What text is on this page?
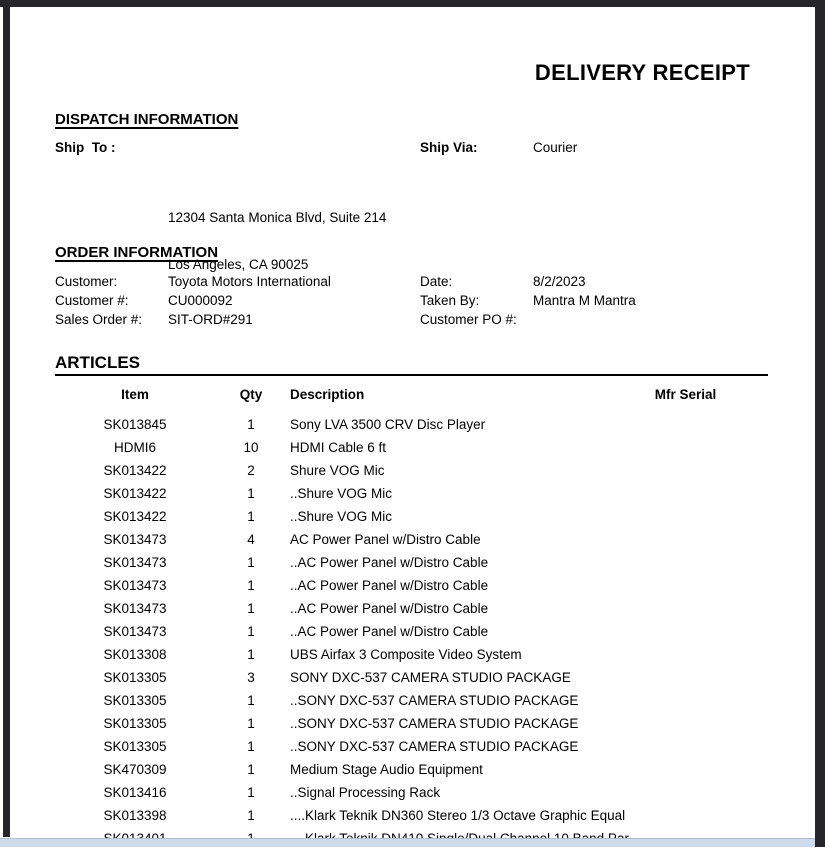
DELIVERY RECEIPT
DISPATCH INFORMATION
Ship  To :	Ship Via:	Courier

12304 Santa Monica Blvd, Suite 214

Los Angeles, CA 90025

ORDER INFORMATION
Customer:	Toyota Motors International	Date:	8/2/2023
Customer #:	CU000092	Taken By:	Mantra M Mantra
Sales Order #: SIT-ORD#291	Customer PO #:
ARTICLES
Item	Qty	Description	Mfr Serial
SK013845	1	Sony LVA 3500 CRV Disc Player	
HDMI6	10	HDMI Cable 6 ft	
SK013422	2	Shure VOG Mic	
SK013422	1	..Shure VOG Mic	
SK013422	1	..Shure VOG Mic	
SK013473	4	AC Power Panel w/Distro Cable	
SK013473	1	..AC Power Panel w/Distro Cable	
SK013473	1	..AC Power Panel w/Distro Cable	
SK013473	1	..AC Power Panel w/Distro Cable	
SK013473	1	..AC Power Panel w/Distro Cable	
SK013308	1	UBS Airfax 3 Composite Video System	
SK013305	3	SONY DXC-537 CAMERA STUDIO PACKAGE	
SK013305	1	..SONY DXC-537 CAMERA STUDIO PACKAGE	
SK013305	1	..SONY DXC-537 CAMERA STUDIO PACKAGE	
SK013305	1	..SONY DXC-537 CAMERA STUDIO PACKAGE	
SK470309	1	Medium Stage Audio Equipment	
SK013416	1	..Signal Processing Rack	
SK013398	1	....Klark Teknik DN360 Stereo 1/3 Octave Graphic Equal	
